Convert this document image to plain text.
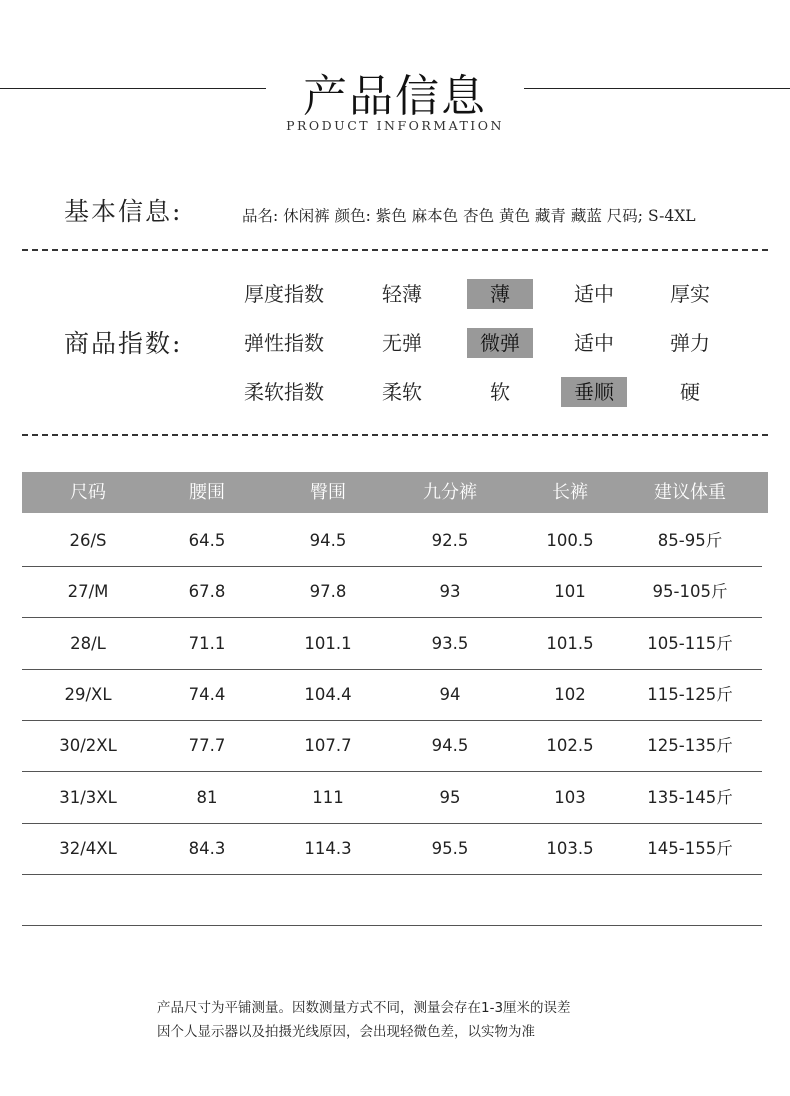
产品信息
PRODUCT INFORMATION
基本信息:	品名: 休闲裤 颜色: 紫色 麻本色 杏色 黄色 藏青 藏蓝 尺码; S-4XL
商品指数:
厚度指数	轻薄	薄	适中	厚实
弹性指数	无弹	微弹	适中	弹力
柔软指数	柔软	软	垂顺	硬
尺码	腰围	臀围	九分裤	长裤	建议体重
26/S	64.5	94.5	92.5	100.5	85-95斤
27/M	67.8	97.8	93	101	95-105斤
28/L	71.1	101.1	93.5	101.5	105-115斤
29/XL	74.4	104.4	94	102	115-125斤
30/2XL	77.7	107.7	94.5	102.5	125-135斤
31/3XL	81	111	95	103	135-145斤
32/4XL	84.3	114.3	95.5	103.5	145-155斤
产品尺寸为平铺测量。因数测量方式不同，测量会存在1-3厘米的误差
因个人显示器以及拍摄光线原因，会出现轻微色差，以实物为准
